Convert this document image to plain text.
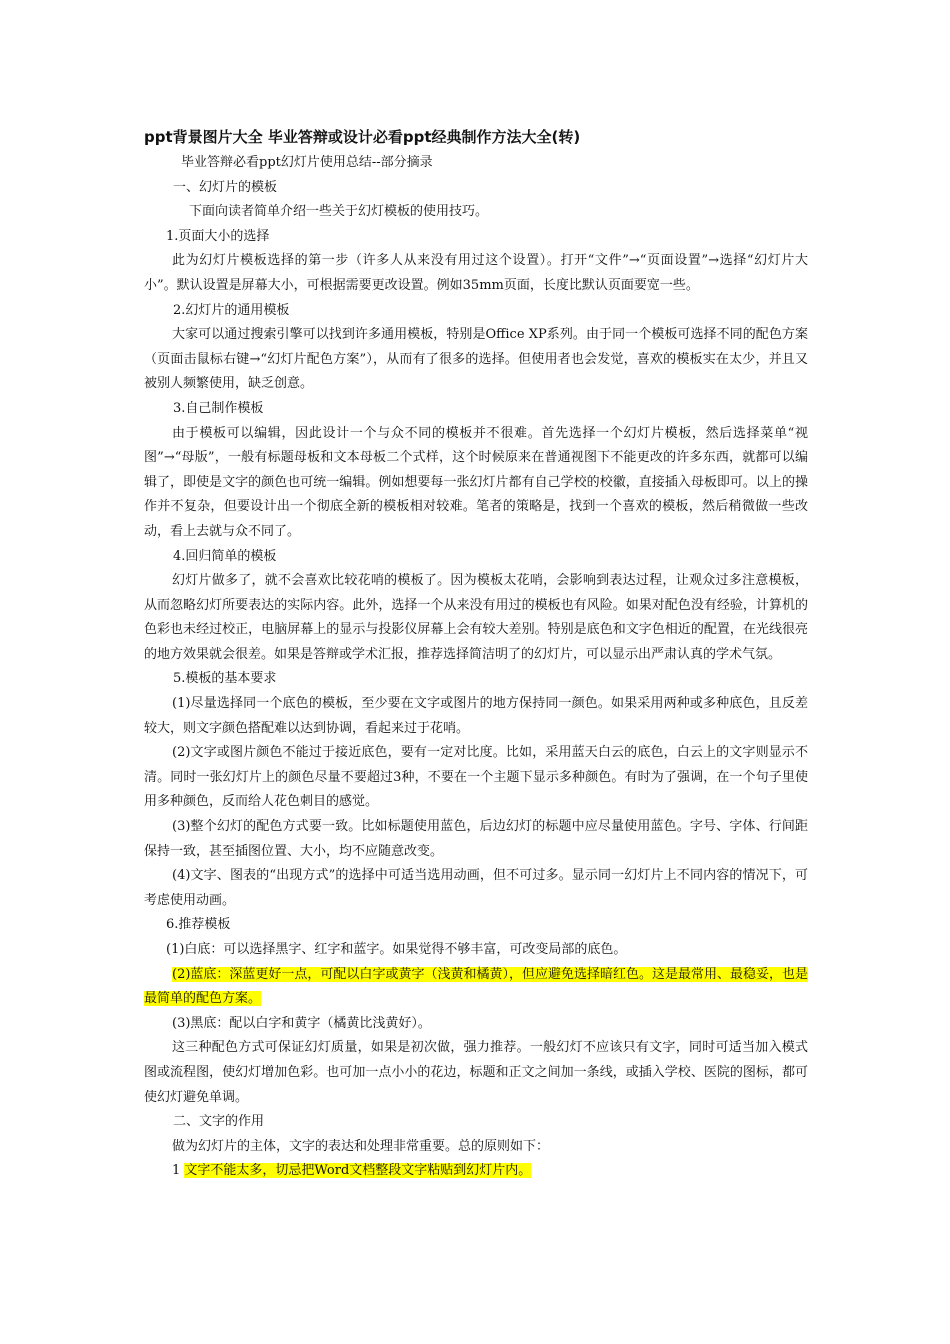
ppt背景图片大全 毕业答辩或设计必看ppt经典制作方法大全(转)
毕业答辩必看ppt幻灯片使用总结--部分摘录
一、幻灯片的模板
下面向读者简单介绍一些关于幻灯模板的使用技巧。
1.页面大小的选择
此为幻灯片模板选择的第一步（许多人从来没有用过这个设置）。打开“文件”→“页面设置”→选择“幻灯片大小”。默认设置是屏幕大小，可根据需要更改设置。例如35mm页面，长度比默认页面要宽一些。
2.幻灯片的通用模板
大家可以通过搜索引擎可以找到许多通用模板，特别是Office XP系列。由于同一个模板可选择不同的配色方案（页面击鼠标右键→“幻灯片配色方案”），从而有了很多的选择。但使用者也会发觉，喜欢的模板实在太少，并且又被别人频繁使用，缺乏创意。
3.自己制作模板
由于模板可以编辑，因此设计一个与众不同的模板并不很难。首先选择一个幻灯片模板，然后选择菜单“视图”→“母版”，一般有标题母板和文本母板二个式样，这个时候原来在普通视图下不能更改的许多东西，就都可以编辑了，即使是文字的颜色也可统一编辑。例如想要每一张幻灯片都有自己学校的校徽，直接插入母板即可。以上的操作并不复杂，但要设计出一个彻底全新的模板相对较难。笔者的策略是，找到一个喜欢的模板，然后稍微做一些改动，看上去就与众不同了。
4.回归简单的模板
幻灯片做多了，就不会喜欢比较花哨的模板了。因为模板太花哨，会影响到表达过程，让观众过多注意模板，从而忽略幻灯所要表达的实际内容。此外，选择一个从来没有用过的模板也有风险。如果对配色没有经验，计算机的色彩也未经过校正，电脑屏幕上的显示与投影仪屏幕上会有较大差别。特别是底色和文字色相近的配置，在光线很亮的地方效果就会很差。如果是答辩或学术汇报，推荐选择简洁明了的幻灯片，可以显示出严肃认真的学术气氛。
5.模板的基本要求
(1)尽量选择同一个底色的模板，至少要在文字或图片的地方保持同一颜色。如果采用两种或多种底色，且反差较大，则文字颜色搭配难以达到协调，看起来过于花哨。
(2)文字或图片颜色不能过于接近底色，要有一定对比度。比如，采用蓝天白云的底色，白云上的文字则显示不清。同时一张幻灯片上的颜色尽量不要超过3种，不要在一个主题下显示多种颜色。有时为了强调，在一个句子里使用多种颜色，反而给人花色刺目的感觉。
(3)整个幻灯的配色方式要一致。比如标题使用蓝色，后边幻灯的标题中应尽量使用蓝色。字号、字体、行间距保持一致，甚至插图位置、大小，均不应随意改变。
(4)文字、图表的“出现方式”的选择中可适当选用动画，但不可过多。显示同一幻灯片上不同内容的情况下，可考虑使用动画。
6.推荐模板
(1)白底：可以选择黑字、红字和蓝字。如果觉得不够丰富，可改变局部的底色。
(2)蓝底：深蓝更好一点，可配以白字或黄字（浅黄和橘黄），但应避免选择暗红色。这是最常用、最稳妥，也是最简单的配色方案。
(3)黑底：配以白字和黄字（橘黄比浅黄好）。
这三种配色方式可保证幻灯质量，如果是初次做，强力推荐。一般幻灯不应该只有文字，同时可适当加入模式图或流程图，使幻灯增加色彩。也可加一点小小的花边，标题和正文之间加一条线，或插入学校、医院的图标，都可使幻灯避免单调。
二、文字的作用
做为幻灯片的主体，文字的表达和处理非常重要。总的原则如下：
1 文字不能太多，切忌把Word文档整段文字粘贴到幻灯片内。
